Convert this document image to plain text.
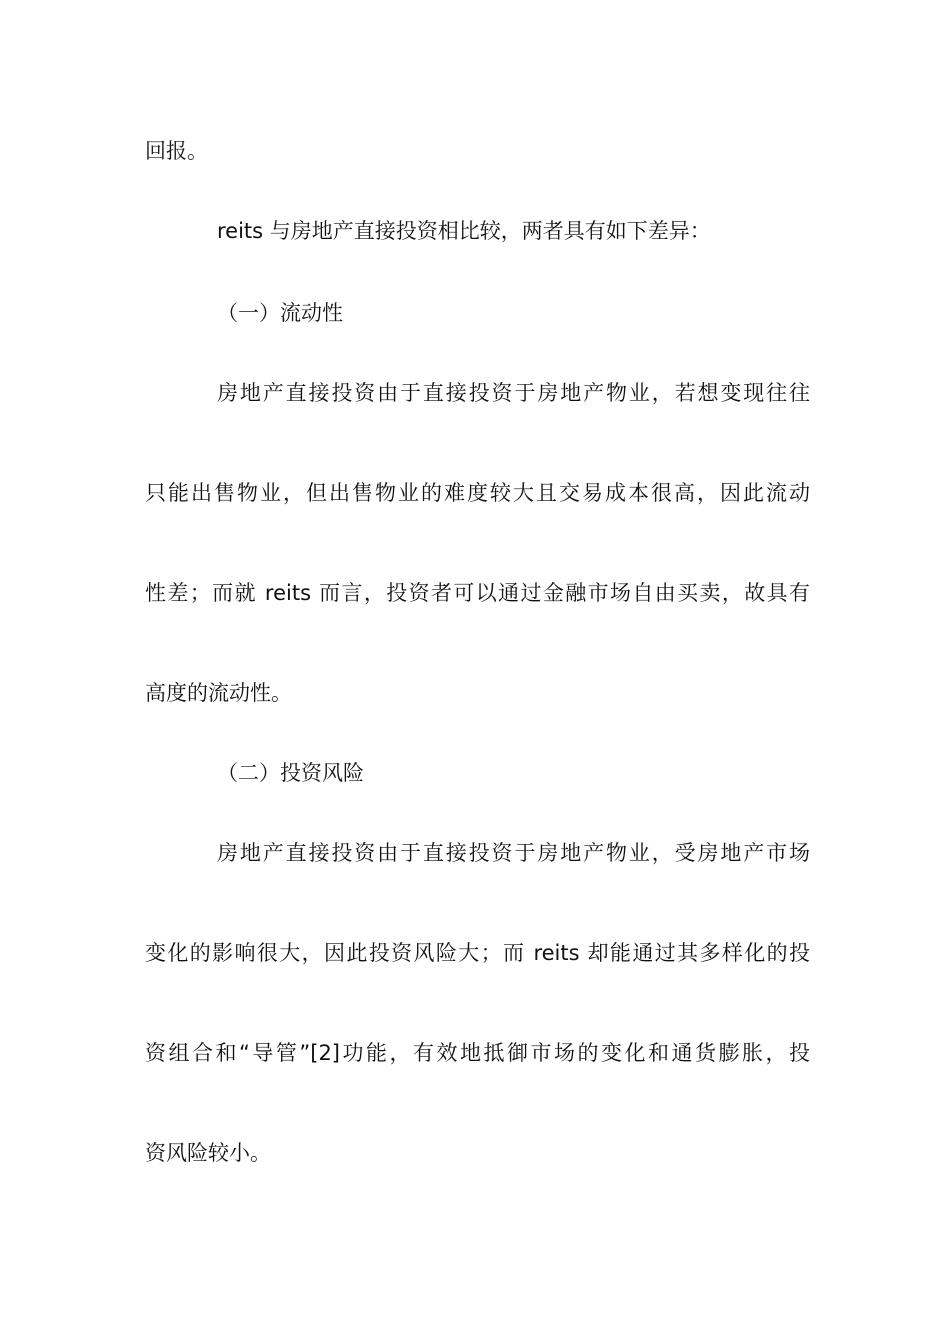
回报。
reits 与房地产直接投资相比较，两者具有如下差异：
（一）流动性
房地产直接投资由于直接投资于房地产物业，若想变现往往
只能出售物业，但出售物业的难度较大且交易成本很高，因此流动
性差；而就 reits 而言，投资者可以通过金融市场自由买卖，故具有
高度的流动性。
（二）投资风险
房地产直接投资由于直接投资于房地产物业，受房地产市场
变化的影响很大，因此投资风险大；而 reits 却能通过其多样化的投
资组合和“导管”[2]功能，有效地抵御市场的变化和通货膨胀，投
资风险较小。
